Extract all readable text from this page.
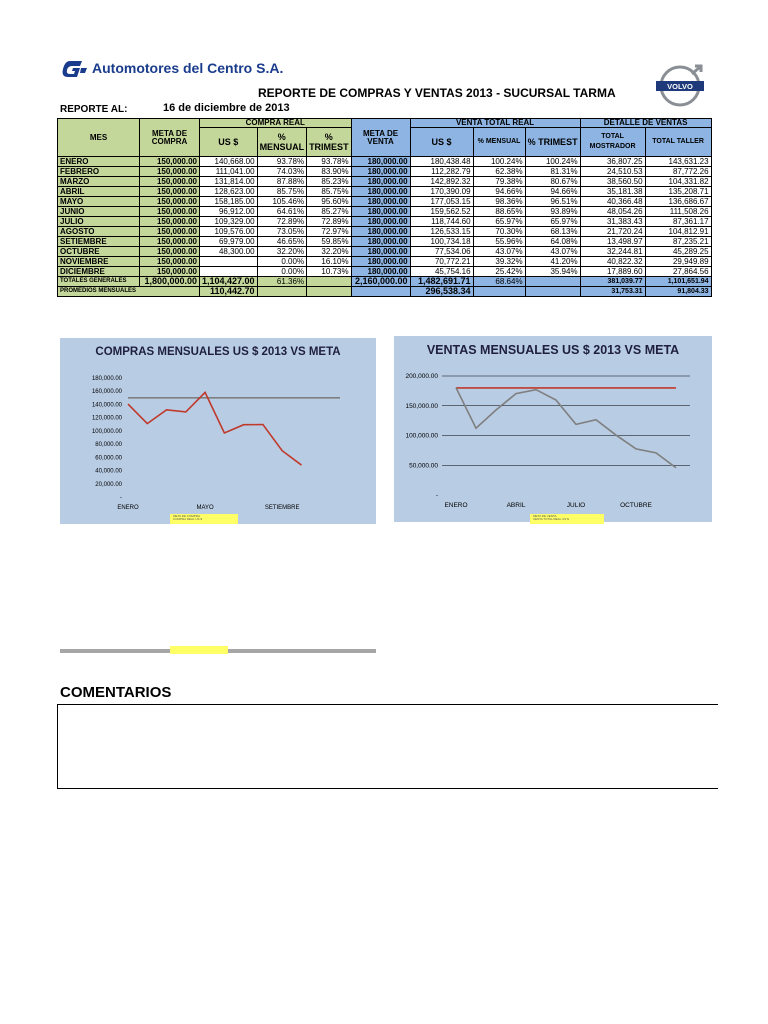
Automotores del Centro S.A.
REPORTE DE COMPRAS Y VENTAS 2013 - SUCURSAL TARMA
REPORTE AL:	16 de diciembre de 2013
VOLVO
MES	META DE COMPRA	COMPRA REAL			META DE VENTA	VENTA TOTAL REAL			DETALLE DE VENTAS	
		US $	% MENSUAL	% TRIMEST		US $	% MENSUAL	% TRIMEST	TOTAL MOSTRADOR	TOTAL TALLER
ENERO	150,000.00	140,668.00	93.78%	93.78%	180,000.00	180,438.48	100.24%	100.24%	36,807.25	143,631.23
FEBRERO	150,000.00	111,041.00	74.03%	83.90%	180,000.00	112,282.79	62.38%	81.31%	24,510.53	87,772.26
MARZO	150,000.00	131,814.00	87.88%	85.23%	180,000.00	142,892.32	79.38%	80.67%	38,560.50	104,331.82
ABRIL	150,000.00	128,623.00	85.75%	85.75%	180,000.00	170,390.09	94.66%	94.66%	35,181.38	135,208.71
MAYO	150,000.00	158,185.00	105.46%	95.60%	180,000.00	177,053.15	98.36%	96.51%	40,366.48	136,686.67
JUNIO	150,000.00	96,912.00	64.61%	85.27%	180,000.00	159,562.52	88.65%	93.89%	48,054.26	111,508.26
JULIO	150,000.00	109,329.00	72.89%	72.89%	180,000.00	118,744.60	65.97%	65.97%	31,383.43	87,361.17
AGOSTO	150,000.00	109,576.00	73.05%	72.97%	180,000.00	126,533.15	70.30%	68.13%	21,720.24	104,812.91
SETIEMBRE	150,000.00	69,979.00	46.65%	59.85%	180,000.00	100,734.18	55.96%	64.08%	13,498.97	87,235.21
OCTUBRE	150,000.00	48,300.00	32.20%	32.20%	180,000.00	77,534.06	43.07%	43.07%	32,244.81	45,289.25
NOVIEMBRE	150,000.00		0.00%	16.10%	180,000.00	70,772.21	39.32%	41.20%	40,822.32	29,949.89
DICIEMBRE	150,000.00		0.00%	10.73%	180,000.00	45,754.16	25.42%	35.94%	17,889.60	27,864.56
TOTALES GENERALES	1,800,000.00	1,104,427.00	61.36%		2,160,000.00	1,482,691.71	68.64%		381,039.77	1,101,651.94
PROMEDIOS MENSUALES		110,442.70				296,538.34			31,753.31	91,804.33
COMPRAS MENSUALES US $ 2013 VS META
180,000.00
160,000.00
140,000.00
120,000.00
100,000.00
80,000.00
60,000.00
40,000.00
20,000.00
-
ENERO	MAYO	SETIEMBRE
META DE COMPRA
COMPRA REAL US $
VENTAS MENSUALES US $ 2013 VS META
200,000.00
150,000.00
100,000.00
50,000.00
-
ENERO	ABRIL	JULIO	OCTUBRE
META DE VENTA
VENTA TOTAL REAL US $
COMENTARIOS
